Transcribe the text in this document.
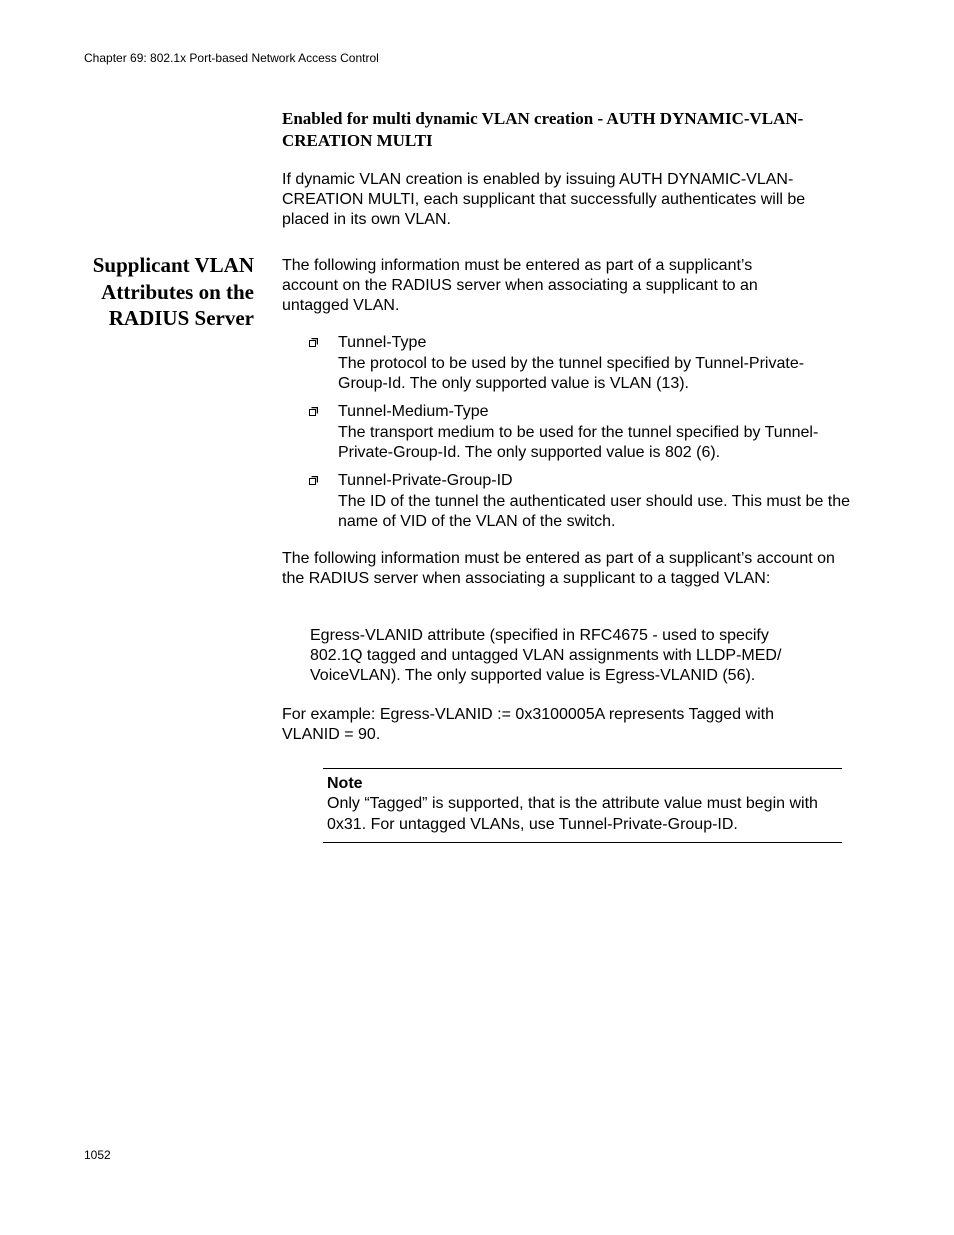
Chapter 69: 802.1x Port-based Network Access Control
Enabled for multi dynamic VLAN creation - AUTH DYNAMIC-VLAN-CREATION MULTI
If dynamic VLAN creation is enabled by issuing AUTH DYNAMIC-VLAN-CREATION MULTI, each supplicant that successfully authenticates will be placed in its own VLAN.
Supplicant VLAN Attributes on the RADIUS Server
The following information must be entered as part of a supplicant’s account on the RADIUS server when associating a supplicant to an untagged VLAN.
Tunnel-Type
The protocol to be used by the tunnel specified by Tunnel-Private-Group-Id. The only supported value is VLAN (13).
Tunnel-Medium-Type
The transport medium to be used for the tunnel specified by Tunnel-Private-Group-Id. The only supported value is 802 (6).
Tunnel-Private-Group-ID
The ID of the tunnel the authenticated user should use. This must be the name of VID of the VLAN of the switch.
The following information must be entered as part of a supplicant’s account on the RADIUS server when associating a supplicant to a tagged VLAN:
Egress-VLANID attribute (specified in RFC4675 - used to specify 802.1Q tagged and untagged VLAN assignments with LLDP-MED/ VoiceVLAN). The only supported value is Egress-VLANID (56).
For example: Egress-VLANID := 0x3100005A represents Tagged with VLANID = 90.
Note
Only “Tagged” is supported, that is the attribute value must begin with 0x31. For untagged VLANs, use Tunnel-Private-Group-ID.
1052
